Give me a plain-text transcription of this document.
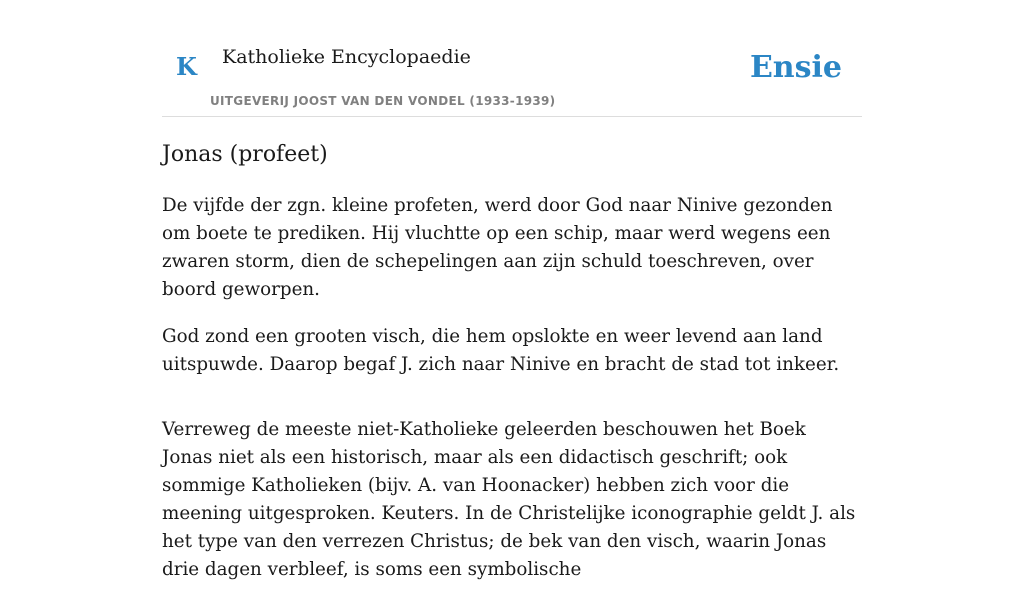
K Katholieke Encyclopaedie
UITGEVERIJ JOOST VAN DEN VONDEL (1933-1939)
Ensie
Jonas (profeet)

De vijfde der zgn. kleine profeten, werd door God naar Ninive gezonden om boete te prediken. Hij vluchtte op een schip, maar werd wegens een zwaren storm, dien de schepelingen aan zijn schuld toeschreven, over boord geworpen.

God zond een grooten visch, die hem opslokte en weer levend aan land uitspuwde. Daarop begaf J. zich naar Ninive en bracht de stad tot inkeer.

Verreweg de meeste niet-Katholieke geleerden beschouwen het Boek Jonas niet als een historisch, maar als een didactisch geschrift; ook sommige Katholieken (bijv. A. van Hoonacker) hebben zich voor die meening uitgesproken. Keuters. In de Christelijke iconographie geldt J. als het type van den verrezen Christus; de bek van den visch, waarin Jonas drie dagen verbleef, is soms een symbolische
